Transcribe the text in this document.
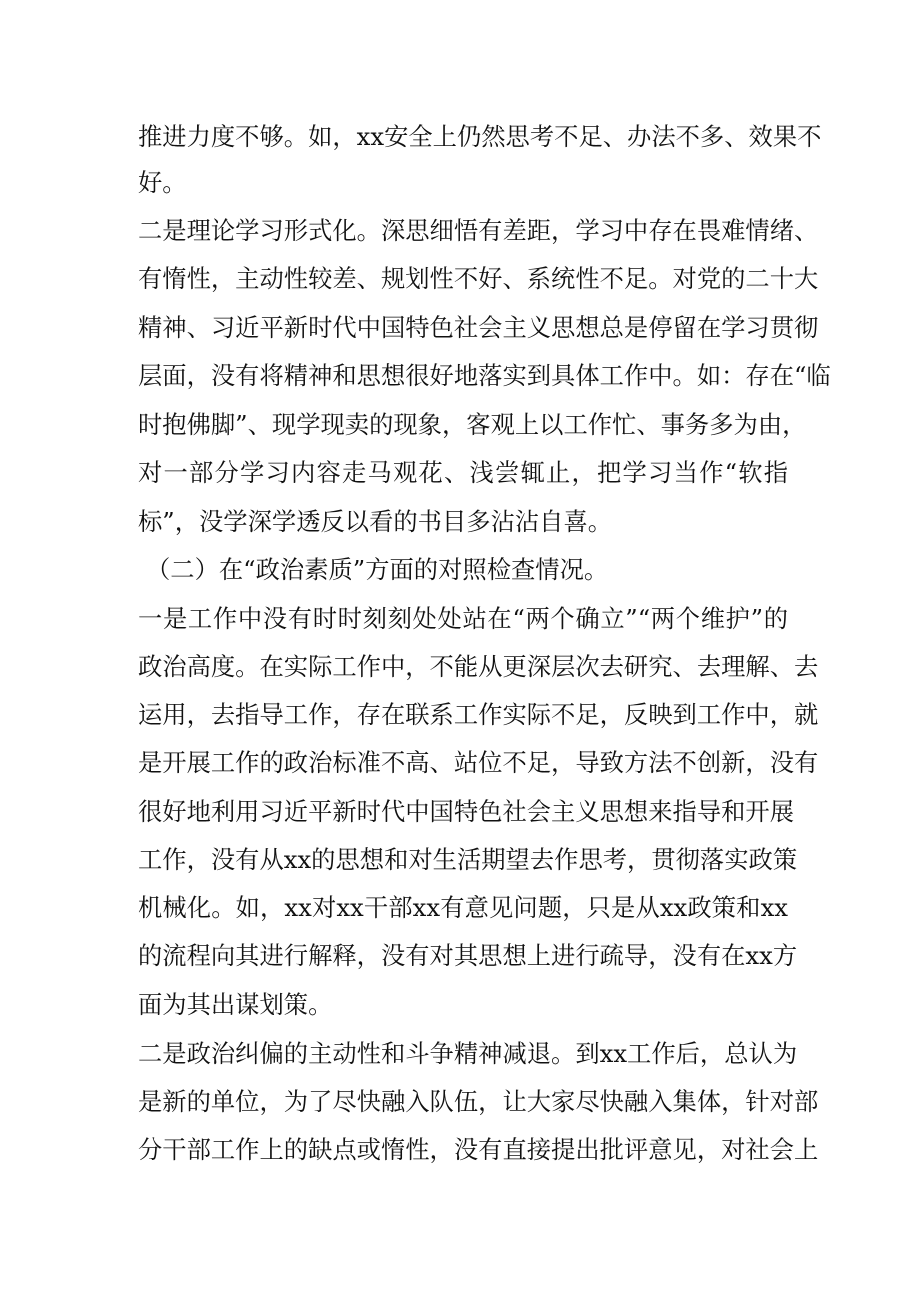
推进力度不够。如，xx安全上仍然思考不足、办法不多、效果不
好。
二是理论学习形式化。深思细悟有差距，学习中存在畏难情绪、
有惰性，主动性较差、规划性不好、系统性不足。对党的二十大
精神、习近平新时代中国特色社会主义思想总是停留在学习贯彻
层面，没有将精神和思想很好地落实到具体工作中。如：存在“临
时抱佛脚”、现学现卖的现象，客观上以工作忙、事务多为由，
对一部分学习内容走马观花、浅尝辄止，把学习当作“软指
标”，没学深学透反以看的书目多沾沾自喜。
（二）在“政治素质”方面的对照检查情况。
一是工作中没有时时刻刻处处站在“两个确立”“两个维护”的
政治高度。在实际工作中，不能从更深层次去研究、去理解、去
运用，去指导工作，存在联系工作实际不足，反映到工作中，就
是开展工作的政治标准不高、站位不足，导致方法不创新，没有
很好地利用习近平新时代中国特色社会主义思想来指导和开展
工作，没有从xx的思想和对生活期望去作思考，贯彻落实政策
机械化。如，xx对xx干部xx有意见问题，只是从xx政策和xx
的流程向其进行解释，没有对其思想上进行疏导，没有在xx方
面为其出谋划策。
二是政治纠偏的主动性和斗争精神减退。到xx工作后，总认为
是新的单位，为了尽快融入队伍，让大家尽快融入集体，针对部
分干部工作上的缺点或惰性，没有直接提出批评意见，对社会上
